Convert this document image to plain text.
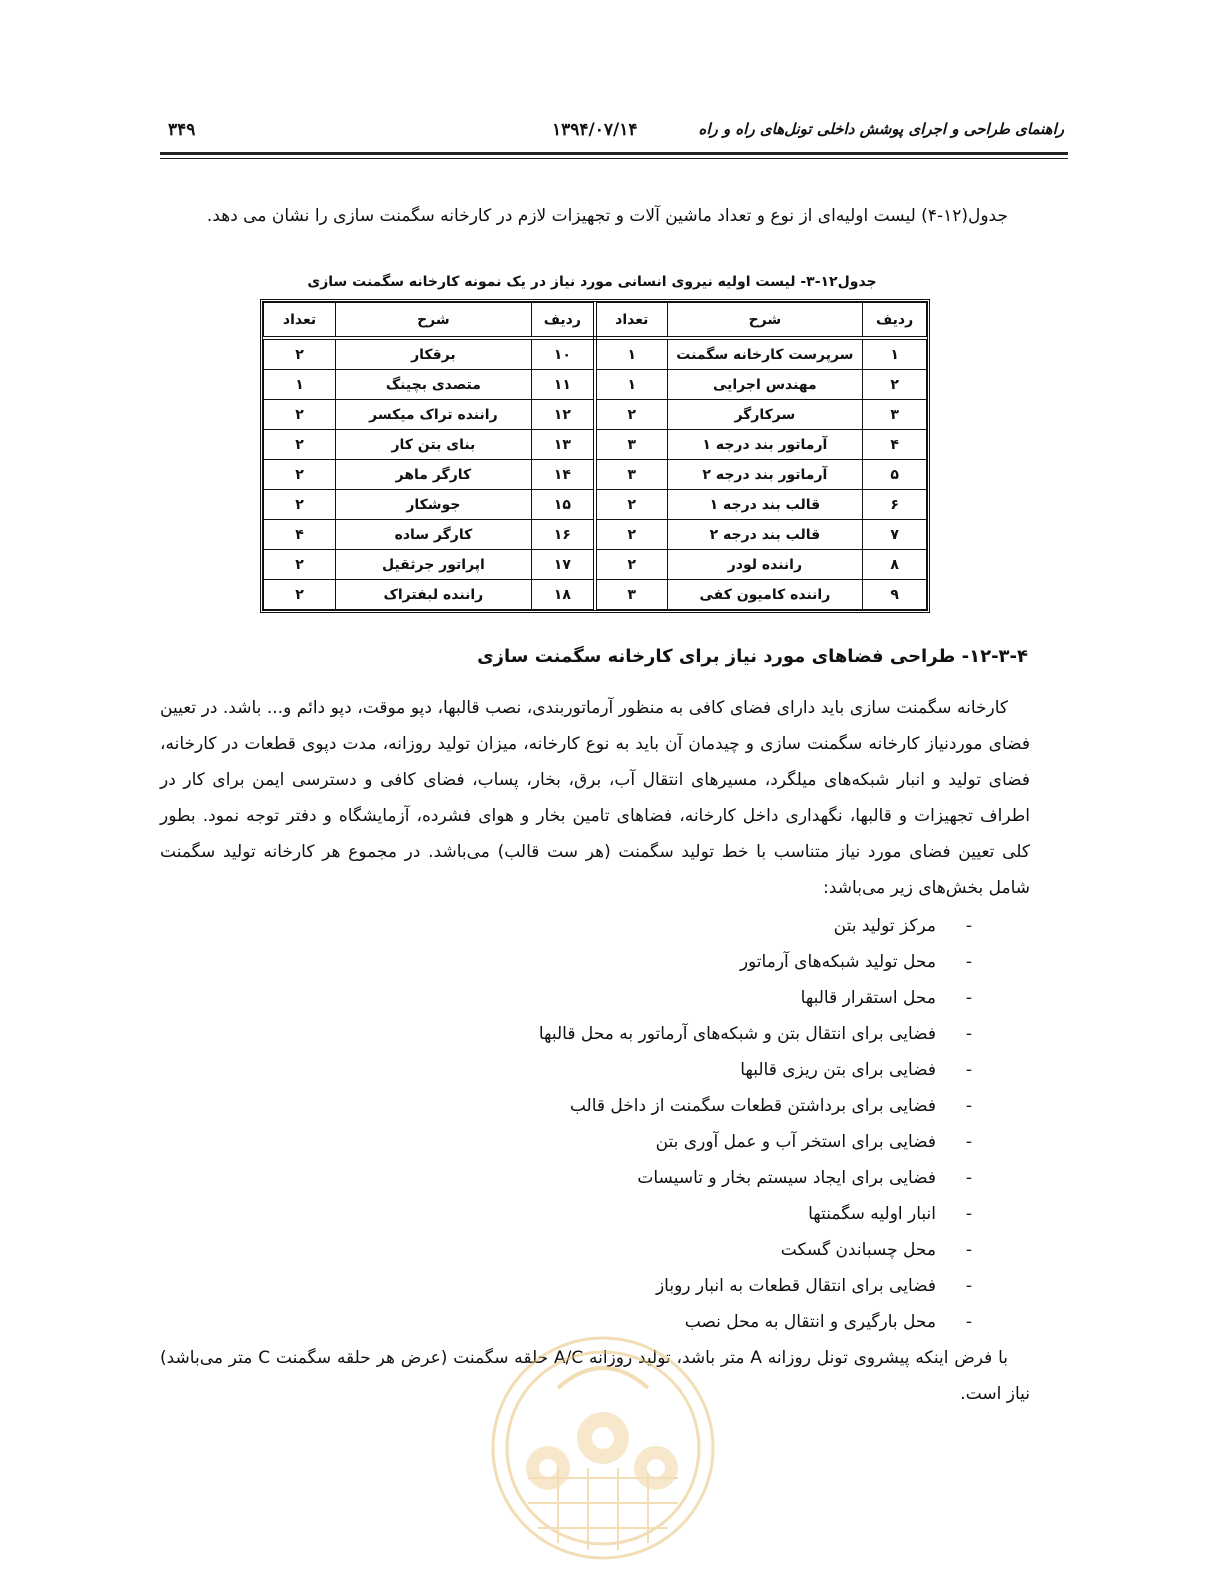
راهنمای طراحی و اجرای پوشش داخلی تونل‌های راه و راه
۱۳۹۴/۰۷/۱۴
۳۴۹
جدول(۱۲-۴) لیست اولیه‌ای از نوع و تعداد ماشین آلات و تجهیزات لازم در کارخانه سگمنت سازی را نشان می دهد.
جدول۱۲-۳- لیست اولیه نیروی انسانی مورد نیاز در یک نمونه کارخانه سگمنت سازی
ردیف	شرح	تعداد	ردیف	شرح	تعداد
۱	سرپرست کارخانه سگمنت	۱	۱۰	برقکار	۲
۲	مهندس اجرایی	۱	۱۱	متصدی بچینگ	۱
۳	سرکارگر	۲	۱۲	راننده تراک میکسر	۲
۴	آرماتور بند درجه ۱	۳	۱۳	بنای بتن کار	۲
۵	آرماتور بند درجه ۲	۳	۱۴	کارگر ماهر	۲
۶	قالب بند درجه ۱	۲	۱۵	جوشکار	۲
۷	قالب بند درجه ۲	۲	۱۶	کارگر ساده	۴
۸	راننده لودر	۲	۱۷	اپراتور جرثقیل	۲
۹	راننده کامیون کفی	۳	۱۸	راننده لبفتراک	۲
۱۲-۳-۴- طراحی فضاهای مورد نیاز برای کارخانه سگمنت سازی
کارخانه سگمنت سازی باید دارای فضای کافی به منظور آرماتوربندی، نصب قالبها، دپو موقت، دپو دائم و... باشد. در تعیین فضای موردنیاز کارخانه سگمنت سازی و چیدمان آن باید به نوع کارخانه، میزان تولید روزانه، مدت دپوی قطعات در کارخانه، فضای تولید و انبار شبکه‌های میلگرد، مسیرهای انتقال آب، برق، بخار، پساب، فضای کافی و دسترسی ایمن برای کار در اطراف تجهیزات و قالبها، نگهداری داخل کارخانه، فضاهای تامین بخار و هوای فشرده، آزمایشگاه و دفتر توجه نمود. بطور کلی تعیین فضای مورد نیاز متناسب با خط تولید سگمنت (هر ست قالب) می‌باشد. در مجموع هر کارخانه تولید سگمنت شامل بخش‌های زیر می‌باشد:
-
مرکز تولید بتن
-
محل تولید شبکه‌های آرماتور
-
محل استقرار قالبها
-
فضایی برای انتقال بتن و شبکه‌های آرماتور به محل قالبها
-
فضایی برای بتن ریزی قالبها
-
فضایی برای برداشتن قطعات سگمنت از داخل قالب
-
فضایی برای استخر آب و عمل آوری بتن
-
فضایی برای ایجاد سیستم بخار و تاسیسات
-
انبار اولیه سگمنتها
-
محل چسباندن گسکت
-
فضایی برای انتقال قطعات به انبار روباز
-
محل بارگیری و انتقال به محل نصب
با فرض اینکه پیشروی تونل روزانه A متر باشد، تولید روزانه A/C حلقه سگمنت (عرض هر حلقه سگمنت C متر می‌باشد) نیاز است.
